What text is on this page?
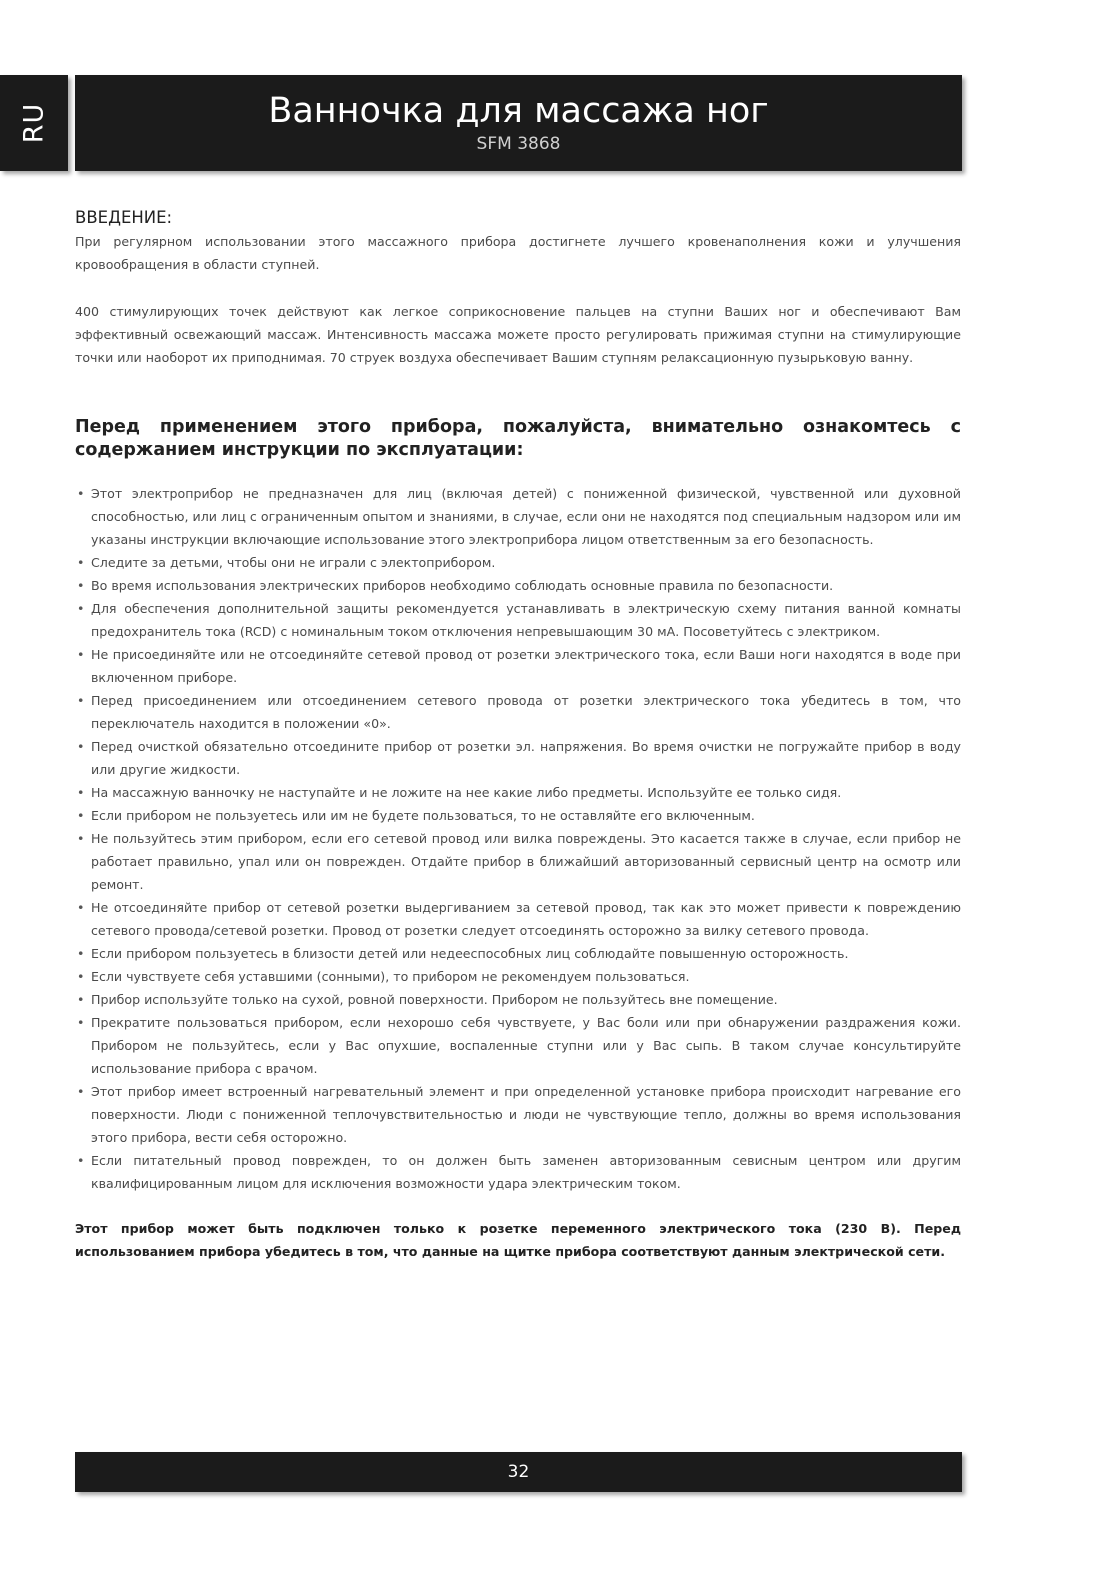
RU	Ванночка для массажа ног
SFM 3868
ВВЕДЕНИЕ:

При регулярном использовании этого массажного прибора достигнете лучшего кровенаполнения кожи и улучшения кровообращения в области ступней.

400 стимулирующих точек действуют как легкое соприкосновение пальцев на ступни Ваших ног и обеспечивают Вам эффективный освежающий массаж. Интенсивность массажа можете просто регулировать прижимая ступни на стимулирующие точки или наоборот их приподнимая. 70 струек воздуха обеспечивает Вашим ступням релаксационную пузырьковую ванну.

Перед применением этого прибора, пожалуйста, внимательно ознакомтесь с содержанием инструкции по эксплуатации:
• Этот электроприбор не предназначен для лиц (включая детей) с пониженной физической, чувственной или духовной способностью, или лиц с ограниченным опытом и знаниями, в случае, если они не находятся под специальным надзором или им указаны инструкции включающие использование этого электроприбора лицом ответственным за его безопасность.
• Следите за детьми, чтобы они не играли с электоприбором.
• Во время использования электрических приборов необходимо соблюдать основные правила по безопасности.
• Для обеспечения дополнительной защиты рекомендуется устанавливать в электрическую схему питания ванной комнаты предохранитель тока (RCD) с номинальным током отключения непревышающим 30 мА. Посоветуйтесь с электриком.
• Не присоединяйте или не отсоединяйте сетевой провод от розетки электрического тока, если Ваши ноги находятся в воде при включенном приборе.
• Перед присоединением или отсоединением сетевого провода от розетки электрического тока убедитесь в том, что переключатель находится в положении «0».
• Перед очисткой обязательно отсоедините прибор от розетки эл. напряжения. Во время очистки не погружайте прибор в воду или другие жидкости.
• На массажную ванночку не наступайте и не ложите на нее какие либо предметы. Используйте ее только сидя.
• Если прибором не пользуетесь или им не будете пользоваться, то не оставляйте его включенным.
• Не пользуйтесь этим прибором, если его сетевой провод или вилка повреждены. Это касается также в случае, если прибор не работает правильно, упал или он поврежден. Отдайте прибор в ближайший авторизованный сервисный центр на осмотр или ремонт.
• Не отсоединяйте прибор от сетевой розетки выдергиванием за сетевой провод, так как это может привести к повреждению сетевого провода/сетевой розетки. Провод от розетки следует отсоединять осторожно за вилку сетевого провода.
• Если прибором пользуетесь в близости детей или недееспособных лиц соблюдайте повышенную осторожность.
• Если чувствуете себя уставшими (сонными), то прибором не рекомендуем пользоваться.
• Прибор используйте только на сухой, ровной поверхности. Прибором не пользуйтесь вне помещение.
• Прекратите пользоваться прибором, если нехорошо себя чувствуете, у Вас боли или при обнаружении раздражения кожи. Прибором не пользуйтесь, если у Вас опухшие, воспаленные ступни или у Вас сыпь. В таком случае консультируйте использование прибора с врачом.
• Этот прибор имеет встроенный нагревательный элемент и при определенной установке прибора происходит нагревание его поверхности. Люди с пониженной теплочувствительностью и люди не чувствующие тепло, должны во время использования этого прибора, вести себя осторожно.
• Если питательный провод поврежден, то он должен быть заменен авторизованным севисным центром или другим квалифицированным лицом для исключения возможности удара электрическим током.

Этот прибор может быть подключен только к розетке переменного электрического тока (230 В). Перед использованием прибора убедитесь в том, что данные на щитке прибора соответствуют данным электрической сети.

32
